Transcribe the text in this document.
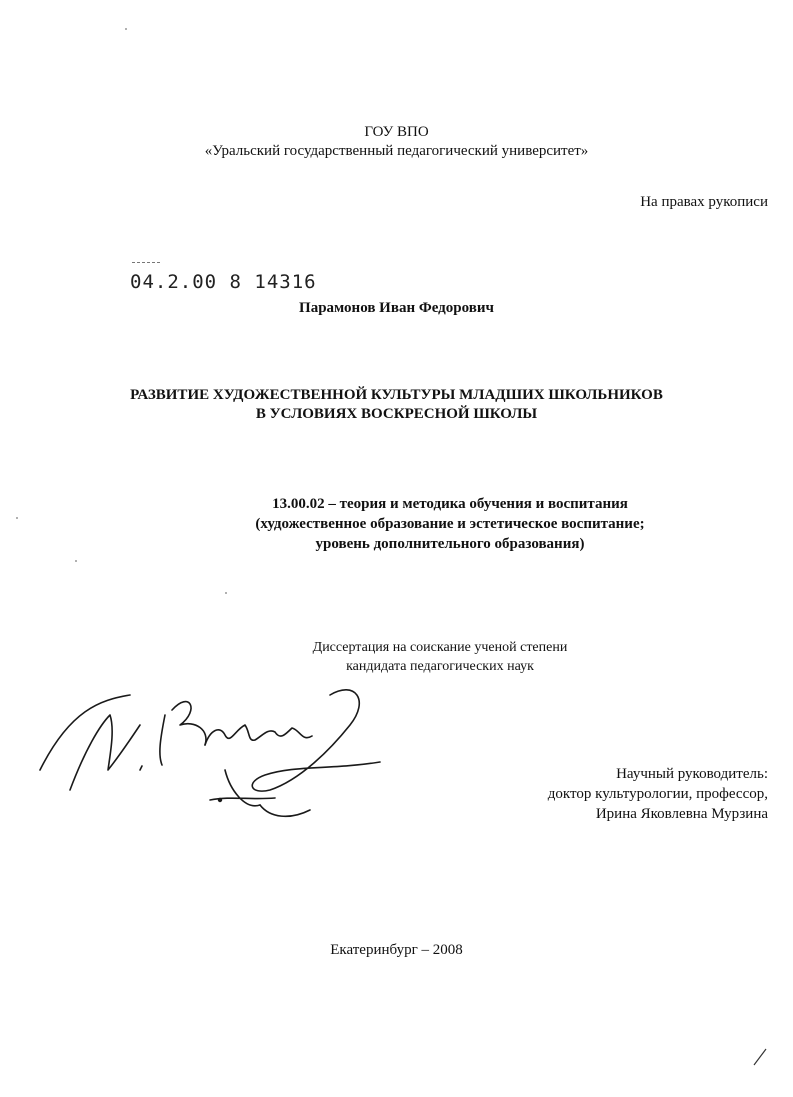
ГОУ ВПО
«Уральский государственный педагогический университет»
На правах рукописи
04.2.00 8 14316
Парамонов Иван Федорович
РАЗВИТИЕ ХУДОЖЕСТВЕННОЙ КУЛЬТУРЫ МЛАДШИХ ШКОЛЬНИКОВ
В УСЛОВИЯХ ВОСКРЕСНОЙ ШКОЛЫ
13.00.02 – теория и методика обучения и воспитания
(художественное образование и эстетическое воспитание;
уровень дополнительного образования)
Диссертация на соискание ученой степени
кандидата педагогических наук
Научный руководитель:
доктор культурологии, профессор,
Ирина Яковлевна Мурзина
Екатеринбург – 2008
